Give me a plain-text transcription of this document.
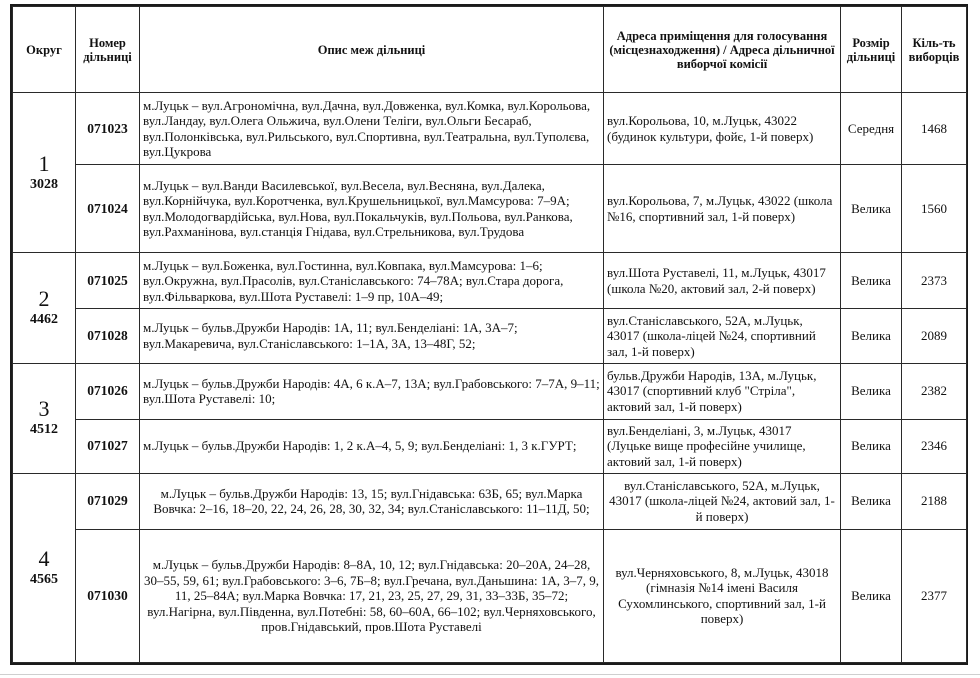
Округ	Номер дільниці	Опис меж дільниці	Адреса приміщення для голосування (місцезнаходження) / Адреса дільничної виборчої комісії	Розмір дільниці	Кіль-ть виборців

1
3028	071023	м.Луцьк – вул.Агрономічна, вул.Дачна, вул.Довженка, вул.Комка, вул.Корольова, вул.Ландау, вул.Олега Ольжича, вул.Олени Теліги, вул.Ольги Бесараб, вул.Полонківська, вул.Рильського, вул.Спортивна, вул.Театральна, вул.Туполєва, вул.Цукрова	вул.Корольова, 10, м.Луцьк, 43022 (будинок культури, фойє, 1-й поверх)	Середня	1468
	071024	м.Луцьк – вул.Ванди Василевської, вул.Весела, вул.Весняна, вул.Далека, вул.Корнійчука, вул.Коротченка, вул.Крушельницької, вул.Мамсурова: 7–9А; вул.Молодогвардійська, вул.Нова, вул.Покальчуків, вул.Польова, вул.Ранкова, вул.Рахманінова, вул.станція Гнідава, вул.Стрельникова, вул.Трудова	вул.Корольова, 7, м.Луцьк, 43022 (школа №16, спортивний зал, 1-й поверх)	Велика	1560

2
4462	071025	м.Луцьк – вул.Боженка, вул.Гостинна, вул.Ковпака, вул.Мамсурова: 1–6; вул.Окружна, вул.Прасолів, вул.Станіславського: 74–78А; вул.Стара дорога, вул.Фільваркова, вул.Шота Руставелі: 1–9 пр, 10А–49;	вул.Шота Руставелі, 11, м.Луцьк, 43017 (школа №20, актовий зал, 2-й поверх)	Велика	2373
	071028	м.Луцьк – бульв.Дружби Народів: 1А, 11; вул.Бенделіані: 1А, 3А–7; вул.Макаревича, вул.Станіславського: 1–1А, 3А, 13–48Г, 52;	вул.Станіславського, 52А, м.Луцьк, 43017 (школа-ліцей №24, спортивний зал, 1-й поверх)	Велика	2089

3
4512	071026	м.Луцьк – бульв.Дружби Народів: 4А, 6 к.А–7, 13А; вул.Грабовського: 7–7А, 9–11; вул.Шота Руставелі: 10;	бульв.Дружби Народів, 13А, м.Луцьк, 43017 (спортивний клуб "Стріла", актовий зал, 1-й поверх)	Велика	2382
	071027	м.Луцьк – бульв.Дружби Народів: 1, 2 к.А–4, 5, 9; вул.Бенделіані: 1, 3 к.ГУРТ;	вул.Бенделіані, 3, м.Луцьк, 43017 (Луцьке вище професійне училище, актовий зал, 1-й поверх)	Велика	2346

4
4565	071029	м.Луцьк – бульв.Дружби Народів: 13, 15; вул.Гнідавська: 63Б, 65; вул.Марка Вовчка: 2–16, 18–20, 22, 24, 26, 28, 30, 32, 34; вул.Станіславського: 11–11Д, 50;	вул.Станіславського, 52А, м.Луцьк, 43017 (школа-ліцей №24, актовий зал, 1-й поверх)	Велика	2188
	071030	м.Луцьк – бульв.Дружби Народів: 8–8А, 10, 12; вул.Гнідавська: 20–20А, 24–28, 30–55, 59, 61; вул.Грабовського: 3–6, 7Б–8; вул.Гречана, вул.Даньшина: 1А, 3–7, 9, 11, 25–84А; вул.Марка Вовчка: 17, 21, 23, 25, 27, 29, 31, 33–33Б, 35–72; вул.Нагірна, вул.Південна, вул.Потебні: 58, 60–60А, 66–102; вул.Черняховського, пров.Гнідавський, пров.Шота Руставелі	вул.Черняховського, 8, м.Луцьк, 43018 (гімназія №14 імені Василя Сухомлинського, спортивний зал, 1-й поверх)	Велика	2377
